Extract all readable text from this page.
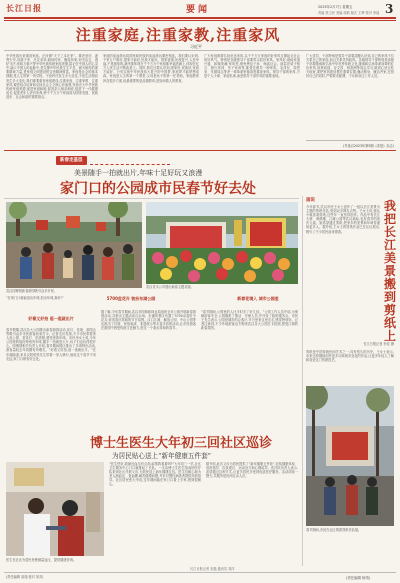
长江日报	要闻	2025年2月7日 星期五
责编 张卫民 美编 周莉 版式 王辉 校对 李瑶 3
注重家庭,注重家教,注重家风
习近平
中华民族历来重视家庭。正所谓“天下之本在家”。尊老爱幼、妻贤夫安,母慈子孝、兄友弟恭,耕读传家、勤俭持家,知书达礼、遵纪守法,家和万事兴等中华民族传统家庭美德,铭记在中国人的心灵中,融入中国人的血脉中,是支撑中华民族生生不息、薪火相传的重要精神力量,是家庭文明建设的宝贵精神财富。家庭是社会的基本细胞,是人生的第一所学校。不论时代发生多大变化,不论生活格局发生多大变化,我们都要重视家庭建设,注重家庭、注重家教、注重家风,紧密结合培育和弘扬社会主义核心价值观,发扬光大中华民族传统家庭美德,促进家庭和睦,促进亲人相亲相爱,促进下一代健康成长,促进老年人老有所养,使千千万万个家庭成为国家发展、民族进步、社会和谐的重要基点。
家庭的前途命运同国家和民族的前途命运紧密相连。我们要认识到,千家万户都好,国家才能好,民族才能好。国家富强,民族复兴,人民幸福,不是抽象的,最终要体现在千千万万个家庭都幸福美满上,体现在亿万人民生活不断改善上。同时,我们还要认识到,国家好,民族好,家庭才能好。只有实现中华民族伟大复兴的中国梦,家庭梦才能梦想成真。家庭是人生的第一个课堂,父母是孩子的第一任老师。家庭教育涉及很多方面,但最重要的是品德教育,是如何做人的教育。
广大家庭都要弘扬优良家风,以千千万万家庭的好家风支撑起全社会的好风气。特别是各级领导干部要带头抓好家风。家风好,就能家道兴盛、和顺美满;家风差,难免殃及子孙、贻害社会。诸葛亮诫子格言、颜氏家训、朱子家训等,都是在倡导一种家风。毛泽东、周恩来、朱德同志等老一辈革命家都高度重视家风。领导干部的家风,不是个人小事、家庭私事,而是领导干部作风的重要表现。
广大党员、干部特别是领导干部要清醒认识到,自己的家风不仅关系自己的家庭,而且关系党风政风。各级领导干部特别是高级干部要继承和弘扬中华优秀传统文化,继承和弘扬革命前辈的红色家风,向焦裕禄、谷文昌、杨善洲等同志学习,做到心底无私天地宽,要把家风建设摆在重要位置,廉洁修身、廉洁齐家,在管好自己的同时,严格要求配偶、子女和身边工作人员。
(节选自2023年第5期《求是》杂志)
新春走基层
美景随手一拍就出片,年味十足好玩又浪漫
家门口的公园成市民春节好去处
武汉园博园新春游园吸引众多市民。
武汉花木公司展出新春主题花境。
“在家门口就能逛出年味,拍出年味,真好!”
好看又好拍 逛一逛就出片
春节假期,武汉各大公园推出新春游园活动,花灯、花境、游园会等吸引众多市民游客前来打卡。记者走访发现,不少市民带着家人逛公园、赏花灯、拍美照,感受浓浓年味。市民李女士说,今年公园里的装扮特别有年味,随手一拍就是大片,孩子们也玩得很开心。园博园相关负责人介绍,春节期间园区推出了多项特色活动,游客量较去年同期有所增长。“好看又好拍,逛一逛就出片。”在东湖绿道,来自汉阳的张先生带着一家人骑行,他说这个春节不用走远,家门口就有好去处。
5700盆花卉 装扮东湖公园
据了解,今年春节期间,武汉市园林和林业局组织全市公园开展新春游园活动,共推出主题活动百余场。东湖风景区布置了5700余盆时令花卉,营造喜庆祥和的节日氛围。汉口江滩、解放公园、中山公园等也推出了灯展、民俗表演、非遗展示等丰富多彩的活动,让市民游客在游园中感受传统文化魅力,度过一个欢乐祥和的春节。
新春花境入 城市公园里
“春节期间,公园里的人比平时多了好几倍。”公园工作人员介绍,为保障游客安全,公园增派了保洁、安保人员,并开设了临时服务点。市民王先生表示,公园是城市的会客厅,节日里来这里走走,感觉特别好。记者注意到,不少外地游客也专程来武汉各大公园打卡拍照,感受江城的新春氛围。
画说	我把长江美景搬到剪纸上
今年春节,武汉市民王女士创作了一组以长江美景为主题的剪纸作品,受到众多网友点赞。王女士说,她从小就喜欢剪纸,这些年一直坚持创作。作品中有长江大桥、黄鹤楼、江滩公园等武汉地标,也有春节的喜庆元素。她希望通过剪纸,把家乡的美景和年味传递给更多人。据介绍,王女士的剪纸作品已在社区展出,吸引了不少居民前来观看。
长江日报记者 李佳 摄
剪纸是中国传统民间艺术之一,具有悠久的历史。王女士表示,未来还将继续创作更多反映城市变化的作品,让更多年轻人了解和喜爱这门传统技艺。
春节期间,市民在社区观看剪纸作品展。
博士生医生大年初三回社区巡诊
为居民贴心送上“新年健康五件套”
医生在社区为居民免费测量血压、提供健康咨询。
“医生您好,我最近血压有点高,能帮我看看吗?”大年初三一早,社区卫生服务中心门口就排起了长队。一支由博士生医生组成的医疗队来到社区开展义诊,为居民送上新年健康礼包。医生们耐心地为老人测血压、查血糖,解答健康问题,并针对慢性病患者提供用药指导。社区居民张大爷说,过年期间能在家门口看上专家,感到很暖心。
据介绍,此次义诊为居民提供了“新年健康五件套”,包括健康体检、用药指导、饮食建议、运动处方和心理疏导。医疗队负责人表示,希望通过这种方式,让更多居民享受到优质医疗服务。活动持续一整天,共服务居民两百余人次。
长江日报记者 宋磊 通讯员 刘洋
(责任编辑 杨靖)
(责任编辑 高翔 校对 刘芳)
